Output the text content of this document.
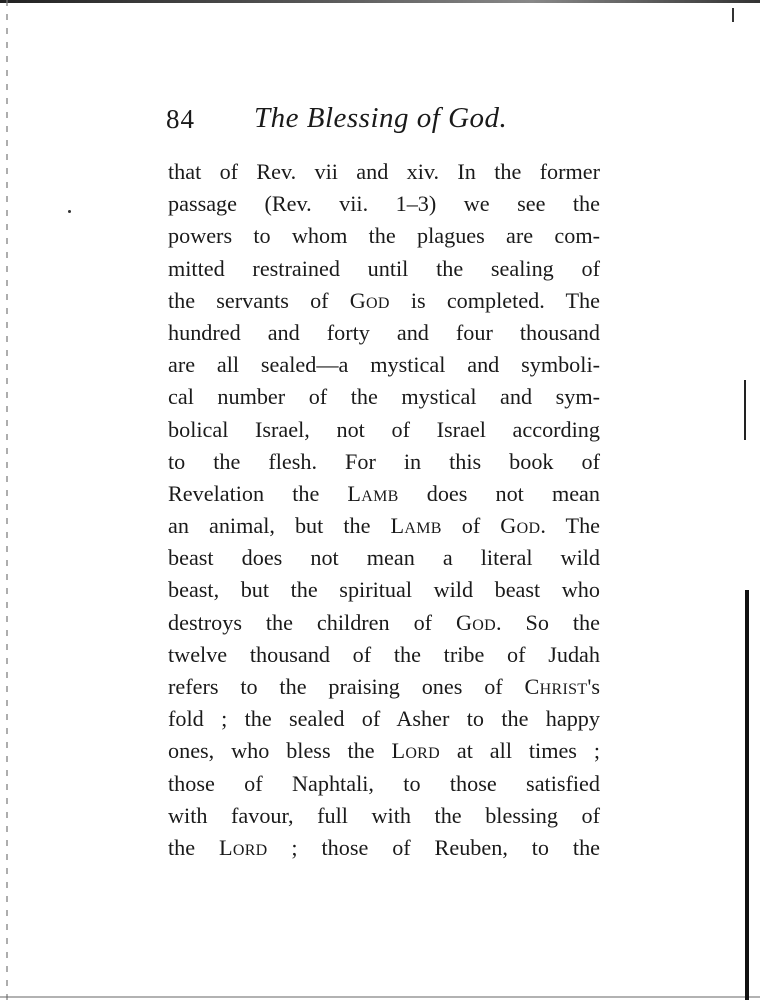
84 The Blessing of God.
that of Rev. vii and xiv. In the former
passage (Rev. vii. 1–3) we see the
powers to whom the plagues are com-
mitted restrained until the sealing of
the servants of God is completed. The
hundred and forty and four thousand
are all sealed—a mystical and symboli-
cal number of the mystical and sym-
bolical Israel, not of Israel according
to the flesh. For in this book of
Revelation the Lamb does not mean
an animal, but the Lamb of God. The
beast does not mean a literal wild
beast, but the spiritual wild beast who
destroys the children of God. So the
twelve thousand of the tribe of Judah
refers to the praising ones of Christ's
fold ; the sealed of Asher to the happy
ones, who bless the Lord at all times ;
those of Naphtali, to those satisfied
with favour, full with the blessing of
the Lord ; those of Reuben, to the
